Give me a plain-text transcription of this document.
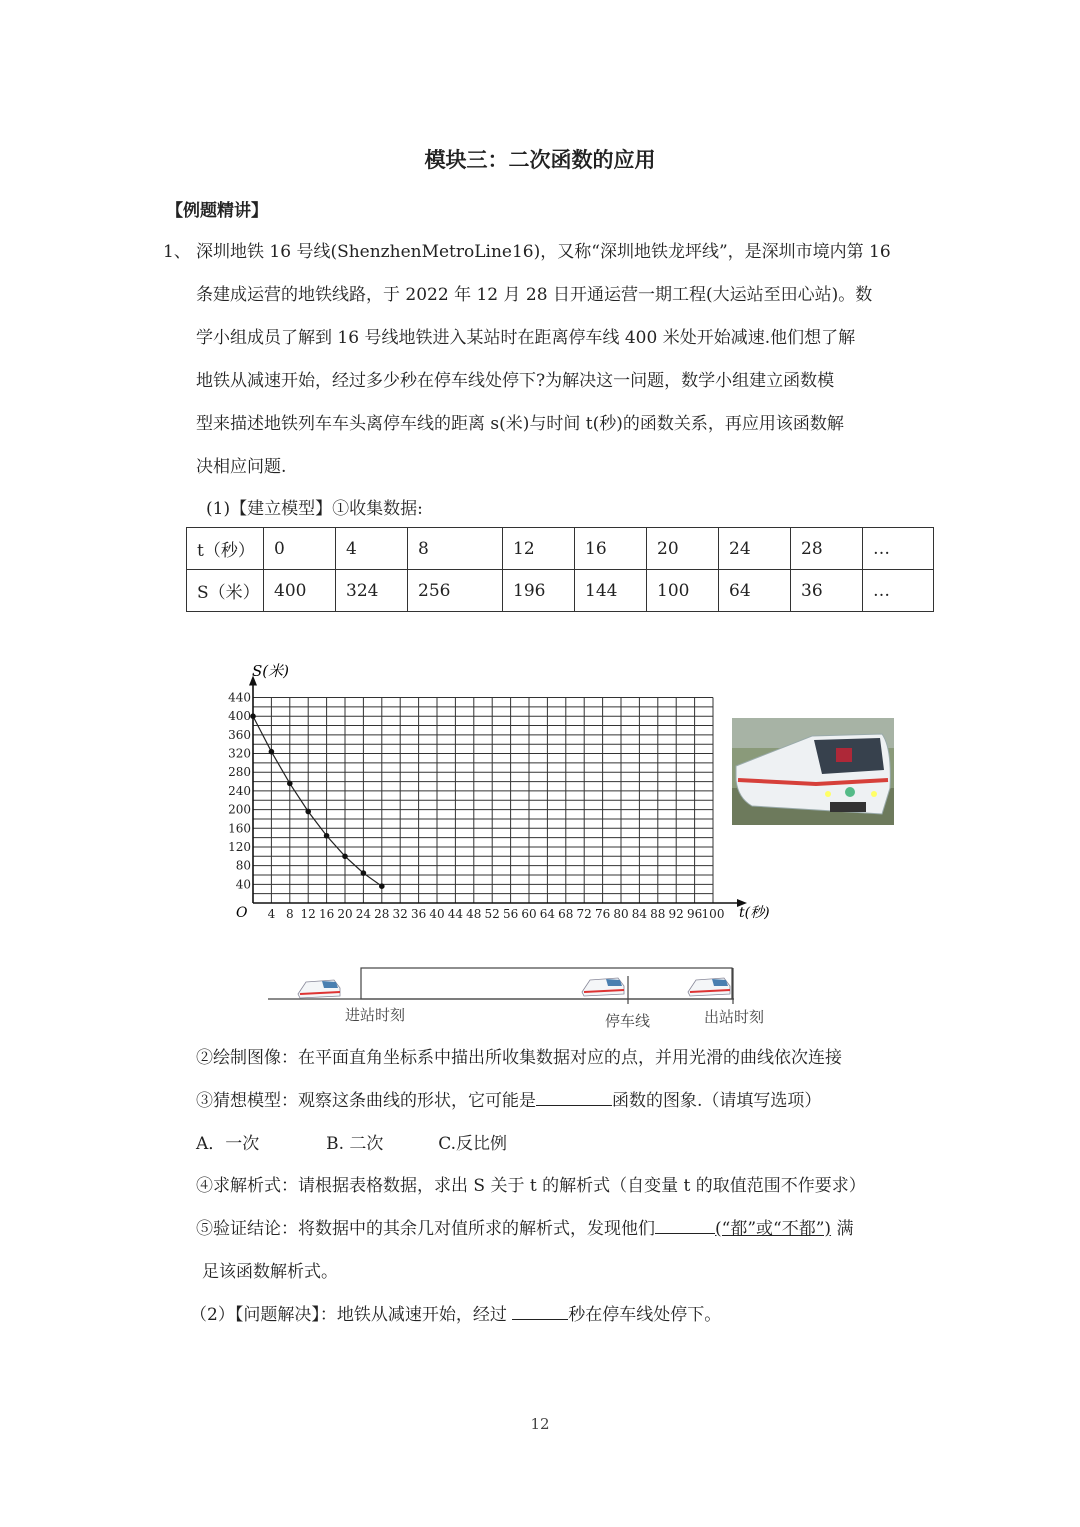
模块三：二次函数的应用
【例题精讲】
1、 深圳地铁 16 号线(ShenzhenMetroLine16)，又称“深圳地铁龙坪线”，是深圳市境内第 16
条建成运营的地铁线路，于 2022 年 12 月 28 日开通运营一期工程(大运站至田心站)。数
学小组成员了解到 16 号线地铁进入某站时在距离停车线 400 米处开始减速.他们想了解
地铁从减速开始，经过多少秒在停车线处停下?为解决这一问题，数学小组建立函数模
型来描述地铁列车车头离停车线的距离 s(米)与时间 t(秒)的函数关系，再应用该函数解
决相应问题.
(1)【建立模型】①收集数据:
t（秒）	0	4	8	12	16	20	24	28	…
S（米）	400	324	256	196	144	100	64	36	…
4 8 12 16 20 24 28 32 36 40 44 48 52 56 60 64 68 72 76 80 84 88 92 96 100
40
80
120
160
200
240
280
320
360
400
440
S(米)
t(秒)
O
进站时刻	停车线	出站时刻
②绘制图像：在平面直角坐标系中描出所收集数据对应的点，并用光滑的曲线依次连接
③猜想模型：观察这条曲线的形状，它可能是	函数的图象.（请填写选项）
A．一次	B. 二次	C.反比例
④求解析式：请根据表格数据，求出 S 关于 t 的解析式（自变量 t 的取值范围不作要求）
⑤验证结论：将数据中的其余几对值所求的解析式，发现他们	(“都”或“不都”) 满
足该函数解析式。
（2）【问题解决】：地铁从减速开始，经过	秒在停车线处停下。
12
